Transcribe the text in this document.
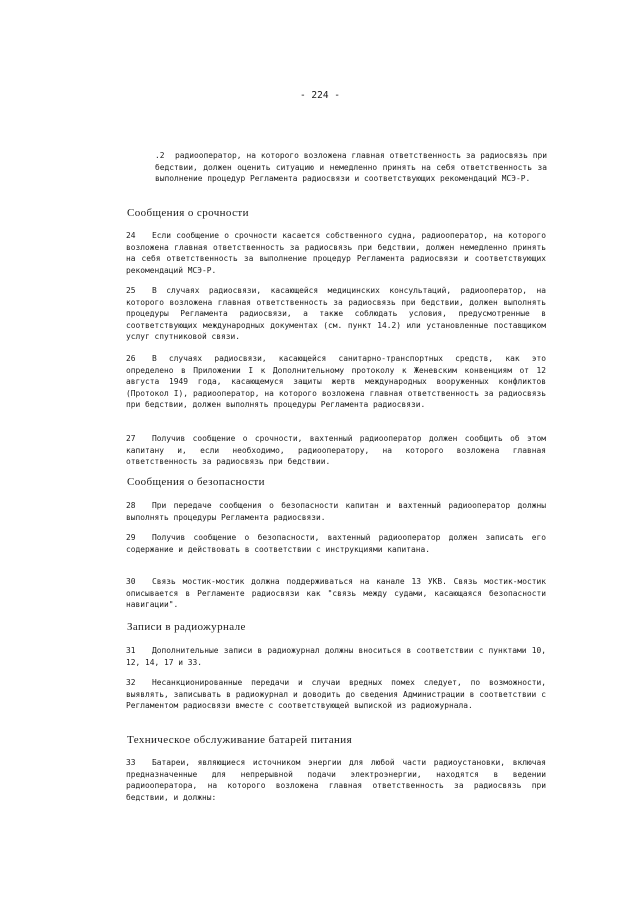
- 224 -
.2 радиооператор, на которого возложена главная ответственность за радиосвязь при бедствии, должен оценить ситуацию и немедленно принять на себя ответственность за выполнение процедур Регламента радиосвязи и соответствующих рекомендаций МСЭ-Р.
Сообщения о срочности
24 Если сообщение о срочности касается собственного судна, радиооператор, на которого возложена главная ответственность за радиосвязь при бедствии, должен немедленно принять на себя ответственность за выполнение процедур Регламента радиосвязи и соответствующих рекомендаций МСЭ-Р.
25 В случаях радиосвязи, касающейся медицинских консультаций, радиооператор, на которого возложена главная ответственность за радиосвязь при бедствии, должен выполнять процедуры Регламента радиосвязи, а также соблюдать условия, предусмотренные в соответствующих международных документах (см. пункт 14.2) или установленные поставщиком услуг спутниковой связи.
26 В случаях радиосвязи, касающейся санитарно-транспортных средств, как это определено в Приложении I к Дополнительному протоколу к Женевским конвенциям от 12 августа 1949 года, касающемуся защиты жертв международных вооруженных конфликтов (Протокол I), радиооператор, на которого возложена главная ответственность за радиосвязь при бедствии, должен выполнять процедуры Регламента радиосвязи.
27 Получив сообщение о срочности, вахтенный радиооператор должен сообщить об этом капитану и, если необходимо, радиооператору, на которого возложена главная ответственность за радиосвязь при бедствии.
Сообщения о безопасности
28 При передаче сообщения о безопасности капитан и вахтенный радиооператор должны выполнять процедуры Регламента радиосвязи.
29 Получив сообщение о безопасности, вахтенный радиооператор должен записать его содержание и действовать в соответствии с инструкциями капитана.
30 Связь мостик-мостик должна поддерживаться на канале 13 УКВ. Связь мостик-мостик описывается в Регламенте радиосвязи как "связь между судами, касающаяся безопасности навигации".
Записи в радиожурнале
31 Дополнительные записи в радиожурнал должны вноситься в соответствии с пунктами 10, 12, 14, 17 и 33.
32 Несанкционированные передачи и случаи вредных помех следует, по возможности, выявлять, записывать в радиожурнал и доводить до сведения Администрации в соответствии с Регламентом радиосвязи вместе с соответствующей выпиской из радиожурнала.
Техническое обслуживание батарей питания
33 Батареи, являющиеся источником энергии для любой части радиоустановки, включая предназначенные для непрерывной подачи электроэнергии, находятся в ведении радиооператора, на которого возложена главная ответственность за радиосвязь при бедствии, и должны:
